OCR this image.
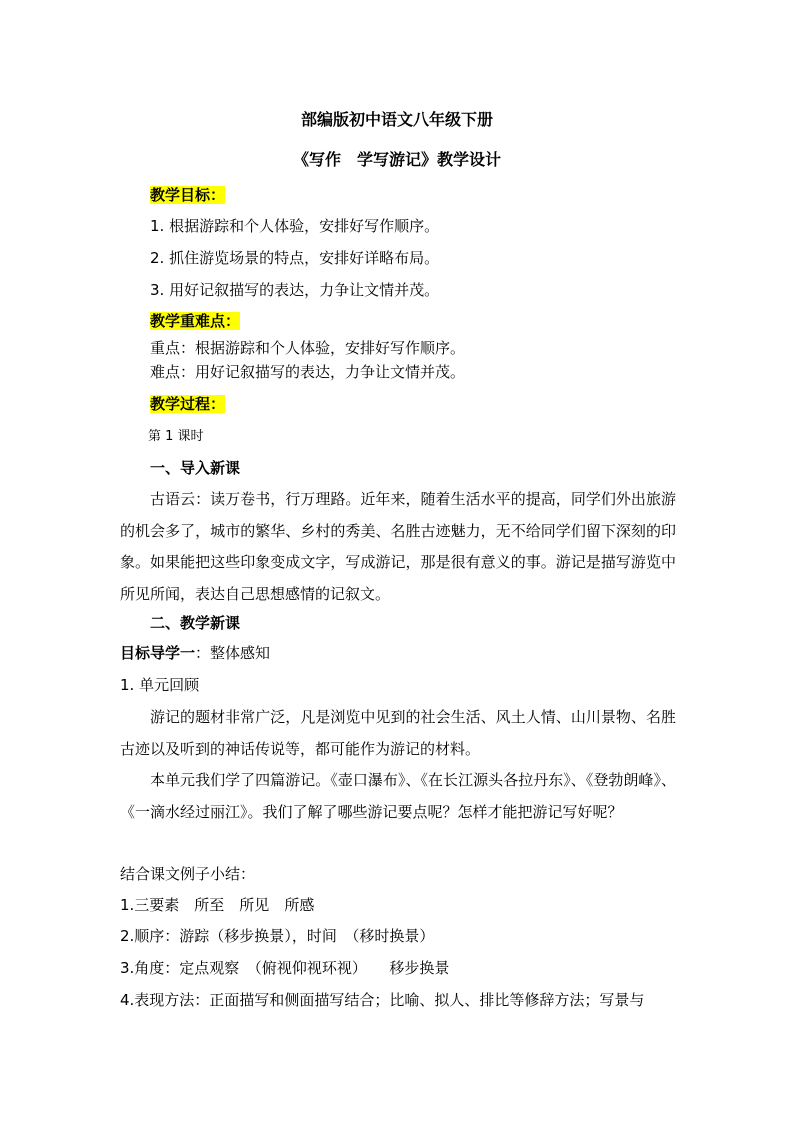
部编版初中语文八年级下册
《写作　学写游记》教学设计
教学目标：
1. 根据游踪和个人体验，安排好写作顺序。
2. 抓住游览场景的特点，安排好详略布局。
3. 用好记叙描写的表达，力争让文情并茂。
教学重难点：
重点：根据游踪和个人体验，安排好写作顺序。
难点：用好记叙描写的表达，力争让文情并茂。
教学过程：
第 1 课时
一、导入新课
古语云：读万卷书，行万理路。近年来，随着生活水平的提高，同学们外出旅游的机会多了，城市的繁华、乡村的秀美、名胜古迹魅力，无不给同学们留下深刻的印象。如果能把这些印象变成文字，写成游记，那是很有意义的事。游记是描写游览中所见所闻，表达自己思想感情的记叙文。
二、教学新课
目标导学一：整体感知
1. 单元回顾
游记的题材非常广泛，凡是浏览中见到的社会生活、风土人情、山川景物、名胜古迹以及听到的神话传说等，都可能作为游记的材料。
本单元我们学了四篇游记。《壶口瀑布》、《在长江源头各拉丹东》、《登勃朗峰》、《一滴水经过丽江》。我们了解了哪些游记要点呢？怎样才能把游记写好呢？
结合课文例子小结：
1.三要素　所至　所见　所感
2.顺序：游踪（移步换景），时间　（移时换景）
3.角度：定点观察　（俯视仰视环视）　　移步换景
4.表现方法：正面描写和侧面描写结合；比喻、拟人、排比等修辞方法；写景与
